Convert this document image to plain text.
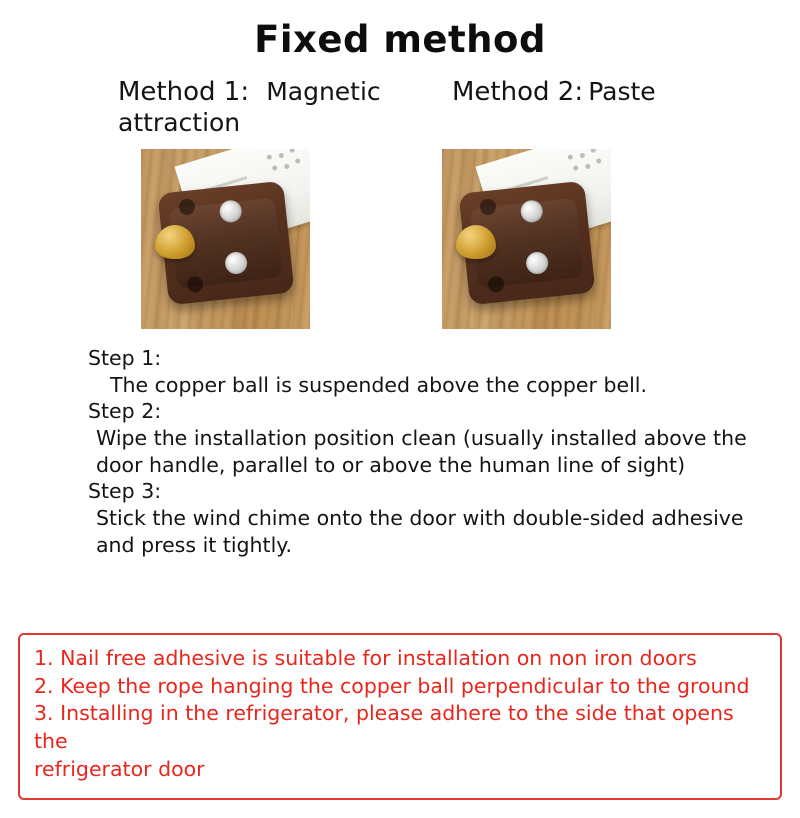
Fixed method
Method 1: Magnetic attraction
Method 2: Paste
Step 1:
The copper ball is suspended above the copper bell.
Step 2:
Wipe the installation position clean (usually installed above the door handle, parallel to or above the human line of sight)
Step 3:
Stick the wind chime onto the door with double-sided adhesive and press it tightly.
1. Nail free adhesive is suitable for installation on non iron doors
2. Keep the rope hanging the copper ball perpendicular to the ground
3. Installing in the refrigerator, please adhere to the side that opens the
refrigerator door
